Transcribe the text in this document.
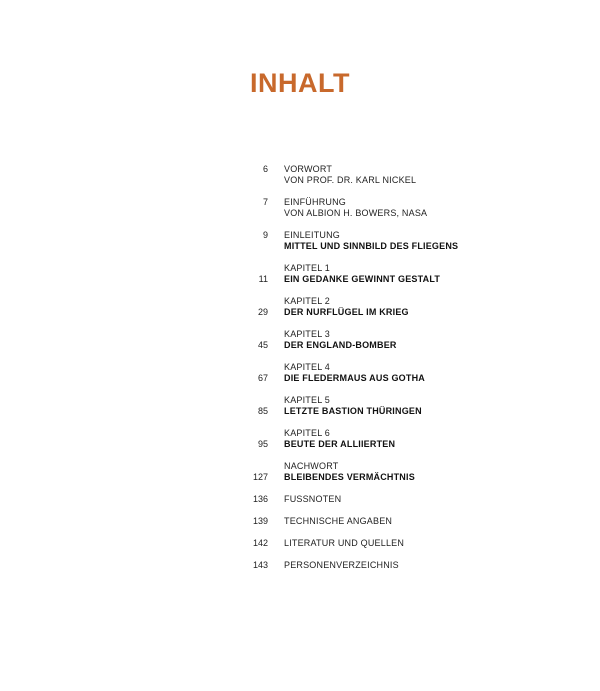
INHALT
6 VORWORT
VON PROF. DR. KARL NICKEL
7 EINFÜHRUNG
VON ALBION H. BOWERS, NASA
9 EINLEITUNG
MITTEL UND SINNBILD DES FLIEGENS
11
KAPITEL 1
EIN GEDANKE GEWINNT GESTALT
29
KAPITEL 2
DER NURFLÜGEL IM KRIEG
45
KAPITEL 3
DER ENGLAND-BOMBER
67
KAPITEL 4
DIE FLEDERMAUS AUS GOTHA
85
KAPITEL 5
LETZTE BASTION THÜRINGEN
95
KAPITEL 6
BEUTE DER ALLIIERTEN
127
NACHWORT
BLEIBENDES VERMÄCHTNIS
136 FUSSNOTEN
139 TECHNISCHE ANGABEN
142 LITERATUR UND QUELLEN
143 PERSONENVERZEICHNIS
